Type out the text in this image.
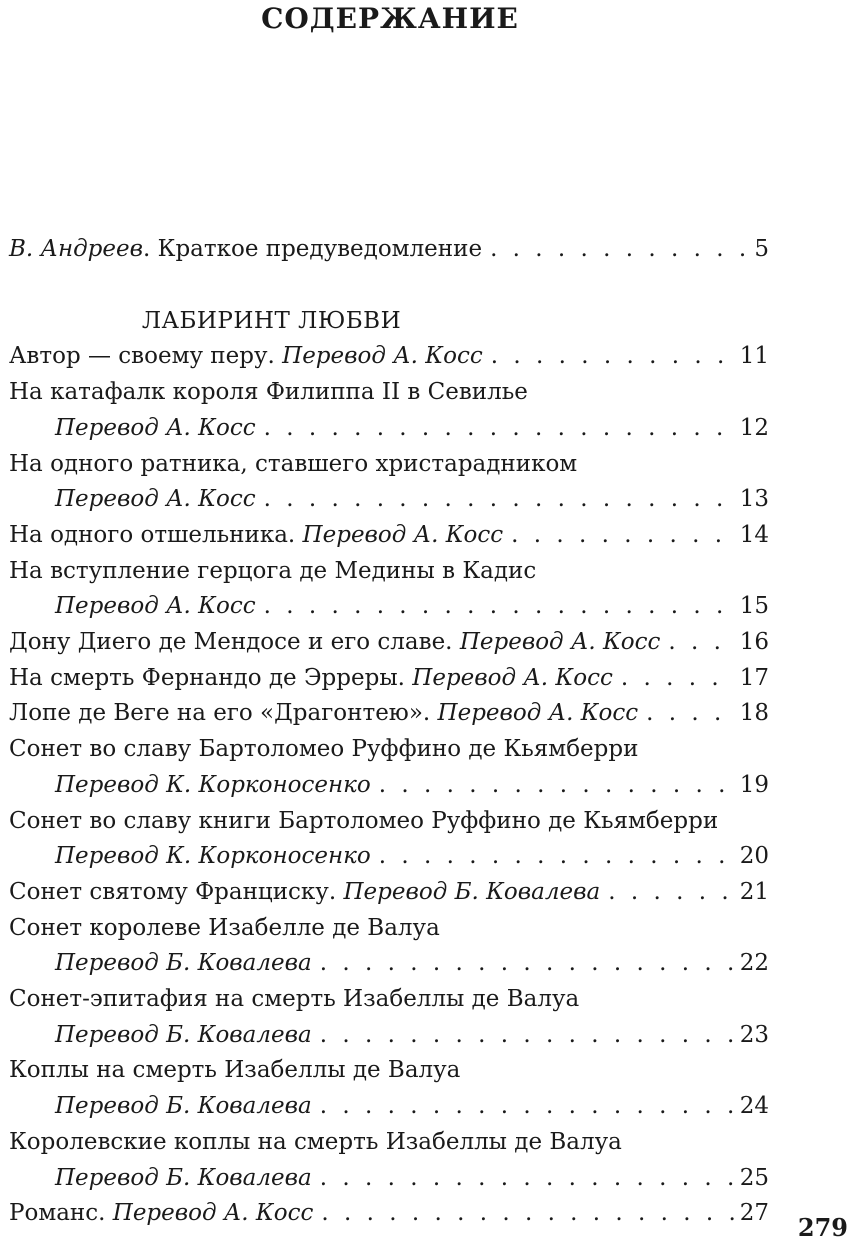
СОДЕРЖАНИЕ
В. Андреев. Краткое предуведомление . . .	5
ЛАБИРИНТ ЛЮБВИ
Автор — своему перу.
Перевод А. Косс . . .	11
На катафалк короля Филиппа II в Севилье
Перевод А. Косс . . .	12
На одного ратника, ставшего христарадником
Перевод А. Косс . . .	13
На одного отшельника.
Перевод А. Косс . . .	14
На вступление герцога де Медины в Кадис
Перевод А. Косс . . .	15
Дону Диего де Мендосе и его славе.
Перевод А. Косс . . .	16
На смерть Фернандо де Эрреры.
Перевод А. Косс . . .	17
Лопе де Веге на его «Драгонтею».
Перевод А. Косс . . .	18
Сонет во славу Бартоломео Руффино де Кьямберри
Перевод К. Корконосенко . . .	19
Сонет во славу книги Бартоломео Руффино де Кьямберри
Перевод К. Корконосенко . . .	20
Сонет святому Франциску.
Перевод Б. Ковалева . . .	21
Сонет королеве Изабелле де Валуа
Перевод Б. Ковалева . . .	22
Сонет-эпитафия на смерть Изабеллы де Валуа
Перевод Б. Ковалева . . .	23
Коплы на смерть Изабеллы де Валуа
Перевод Б. Ковалева . . .	24
Королевские коплы на смерть Изабеллы де Валуа
Перевод Б. Ковалева . . .	25
Романс.
Перевод А. Косс . . .	27 279
